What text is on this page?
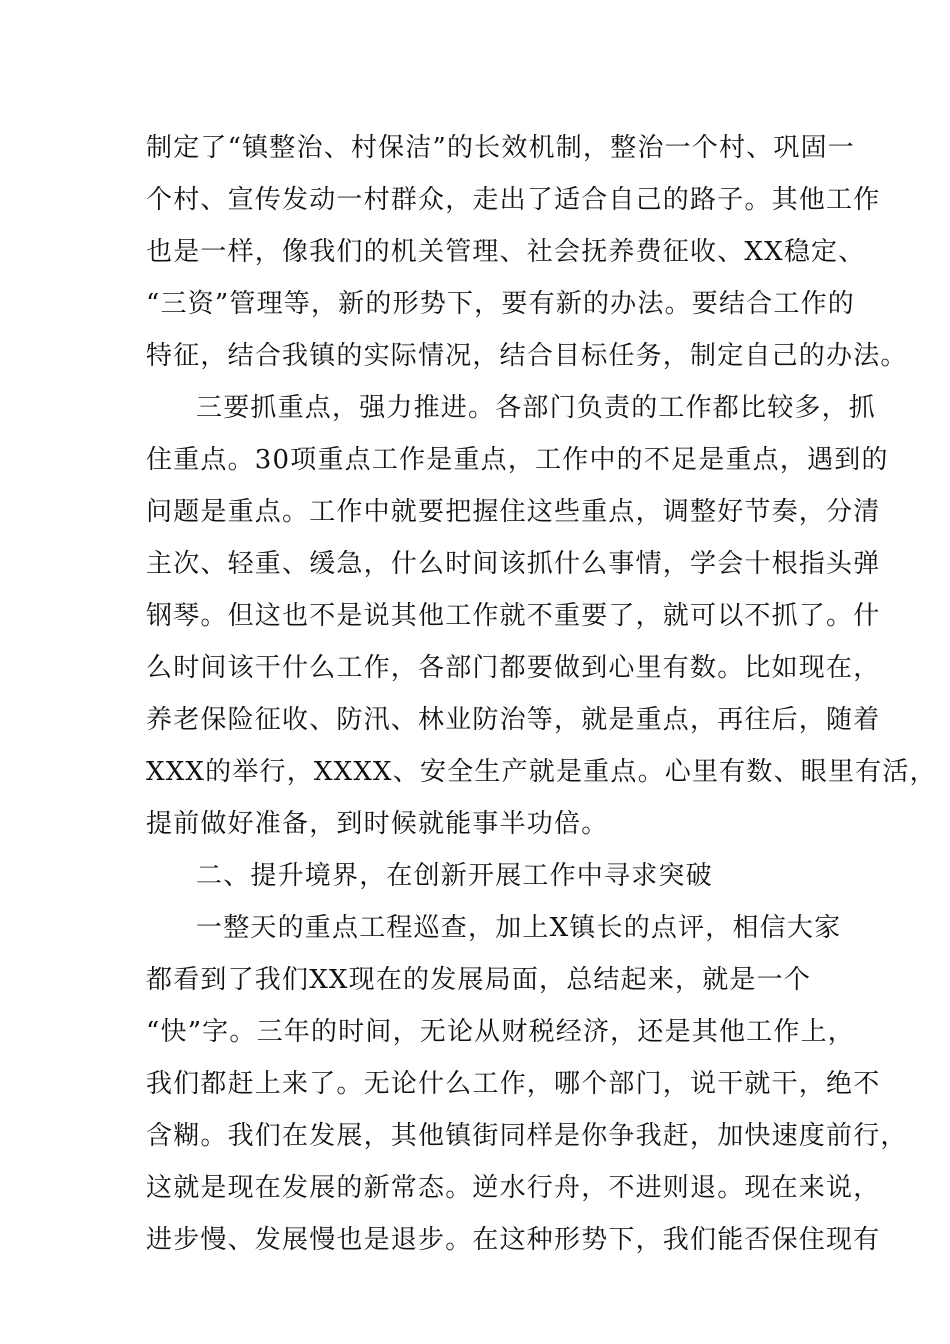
制定了“镇整治、村保洁”的长效机制，整治一个村、巩固一
个村、宣传发动一村群众，走出了适合自己的路子。其他工作
也是一样，像我们的机关管理、社会抚养费征收、XX稳定、
“三资”管理等，新的形势下，要有新的办法。要结合工作的
特征，结合我镇的实际情况，结合目标任务，制定自己的办法。
三要抓重点，强力推进。各部门负责的工作都比较多，抓
住重点。30项重点工作是重点，工作中的不足是重点，遇到的
问题是重点。工作中就要把握住这些重点，调整好节奏，分清
主次、轻重、缓急，什么时间该抓什么事情，学会十根指头弹
钢琴。但这也不是说其他工作就不重要了，就可以不抓了。什
么时间该干什么工作，各部门都要做到心里有数。比如现在，
养老保险征收、防汛、林业防治等，就是重点，再往后，随着
XXX的举行，XXXX、安全生产就是重点。心里有数、眼里有活，
提前做好准备，到时候就能事半功倍。
二、提升境界，在创新开展工作中寻求突破
一整天的重点工程巡查，加上X镇长的点评，相信大家
都看到了我们XX现在的发展局面，总结起来，就是一个
“快”字。三年的时间，无论从财税经济，还是其他工作上，
我们都赶上来了。无论什么工作，哪个部门，说干就干，绝不
含糊。我们在发展，其他镇街同样是你争我赶，加快速度前行，
这就是现在发展的新常态。逆水行舟，不进则退。现在来说，
进步慢、发展慢也是退步。在这种形势下，我们能否保住现有
